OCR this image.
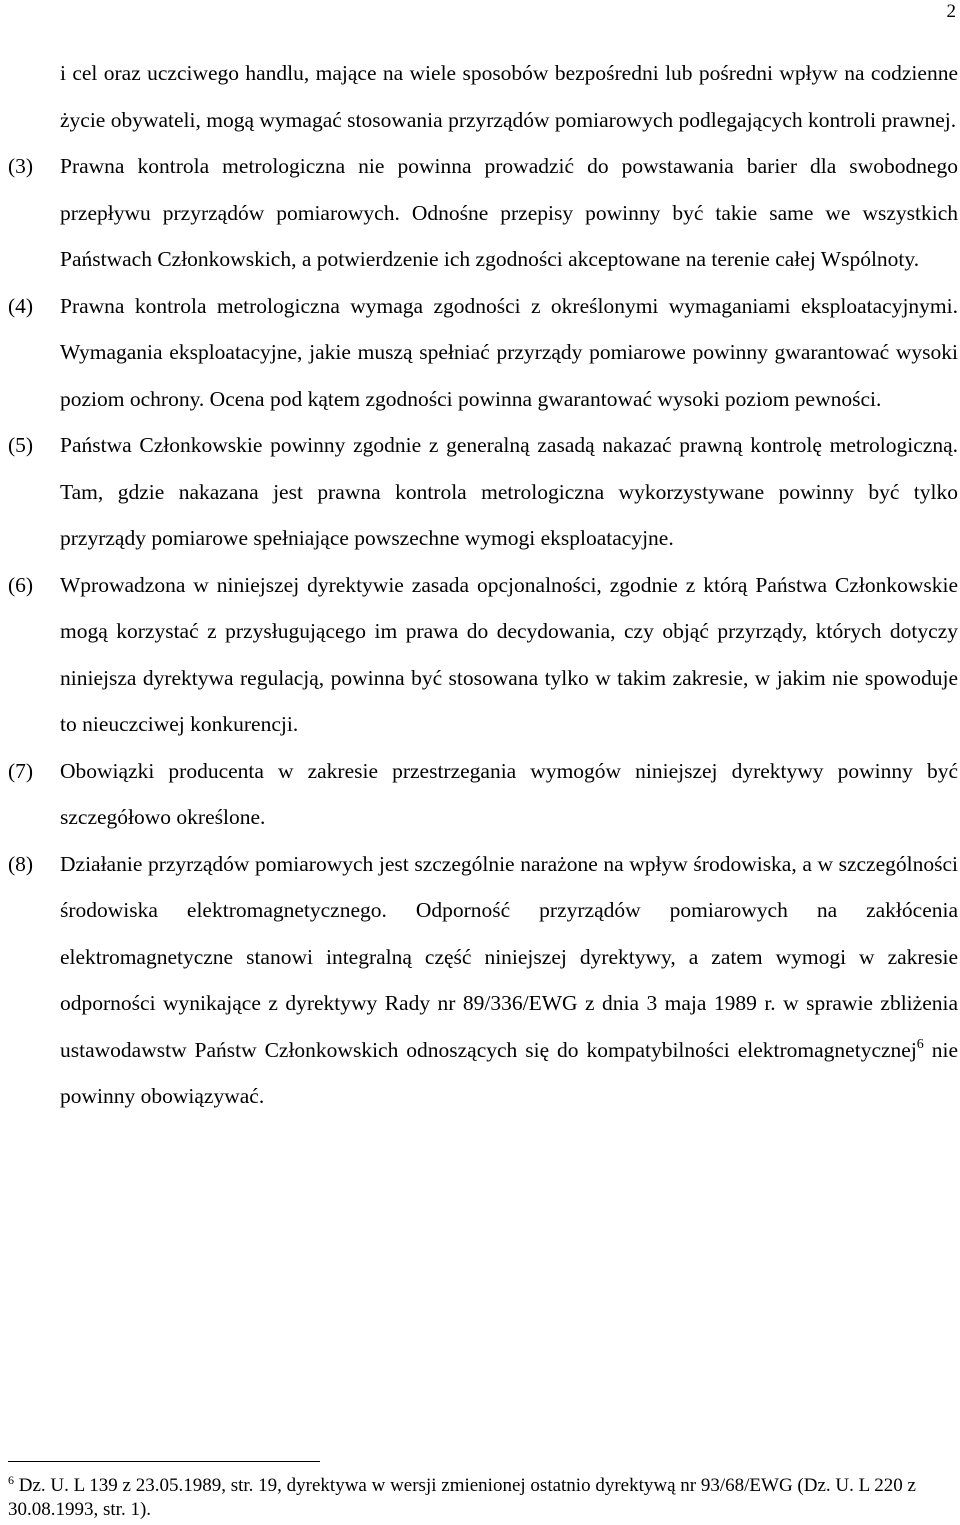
2

i cel oraz uczciwego handlu, mające na wiele sposobów bezpośredni lub pośredni wpływ na codzienne życie obywateli, mogą wymagać stosowania przyrządów pomiarowych podlegających kontroli prawnej.

(3)	Prawna kontrola metrologiczna nie powinna prowadzić do powstawania barier dla swobodnego przepływu przyrządów pomiarowych. Odnośne przepisy powinny być takie same we wszystkich Państwach Członkowskich, a potwierdzenie ich zgodności akceptowane na terenie całej Wspólnoty.
(4)	Prawna kontrola metrologiczna wymaga zgodności z określonymi wymaganiami eksploatacyjnymi. Wymagania eksploatacyjne, jakie muszą spełniać przyrządy pomiarowe powinny gwarantować wysoki poziom ochrony. Ocena pod kątem zgodności powinna gwarantować wysoki poziom pewności.
(5)	Państwa Członkowskie powinny zgodnie z generalną zasadą nakazać prawną kontrolę metrologiczną. Tam, gdzie nakazana jest prawna kontrola metrologiczna wykorzystywane powinny być tylko przyrządy pomiarowe spełniające powszechne wymogi eksploatacyjne.
(6)	Wprowadzona w niniejszej dyrektywie zasada opcjonalności, zgodnie z którą Państwa Członkowskie mogą korzystać z przysługującego im prawa do decydowania, czy objąć przyrządy, których dotyczy niniejsza dyrektywa regulacją, powinna być stosowana tylko w takim zakresie, w jakim nie spowoduje to nieuczciwej konkurencji.
(7)	Obowiązki producenta w zakresie przestrzegania wymogów niniejszej dyrektywy powinny być szczegółowo określone.
(8)	Działanie przyrządów pomiarowych jest szczególnie narażone na wpływ środowiska, a w szczególności środowiska elektromagnetycznego. Odporność przyrządów pomiarowych na zakłócenia elektromagnetyczne stanowi integralną część niniejszej dyrektywy, a zatem wymogi w zakresie odporności wynikające z dyrektywy Rady nr 89/336/EWG z dnia 3 maja 1989 r. w sprawie zbliżenia ustawodawstw Państw Członkowskich odnoszących się do kompatybilności elektromagnetycznej$^6$ nie powinny obowiązywać.
$^6$ Dz. U. L 139 z 23.05.1989, str. 19, dyrektywa w wersji zmienionej ostatnio dyrektywą nr 93/68/EWG (Dz. U. L 220 z 30.08.1993, str. 1).
